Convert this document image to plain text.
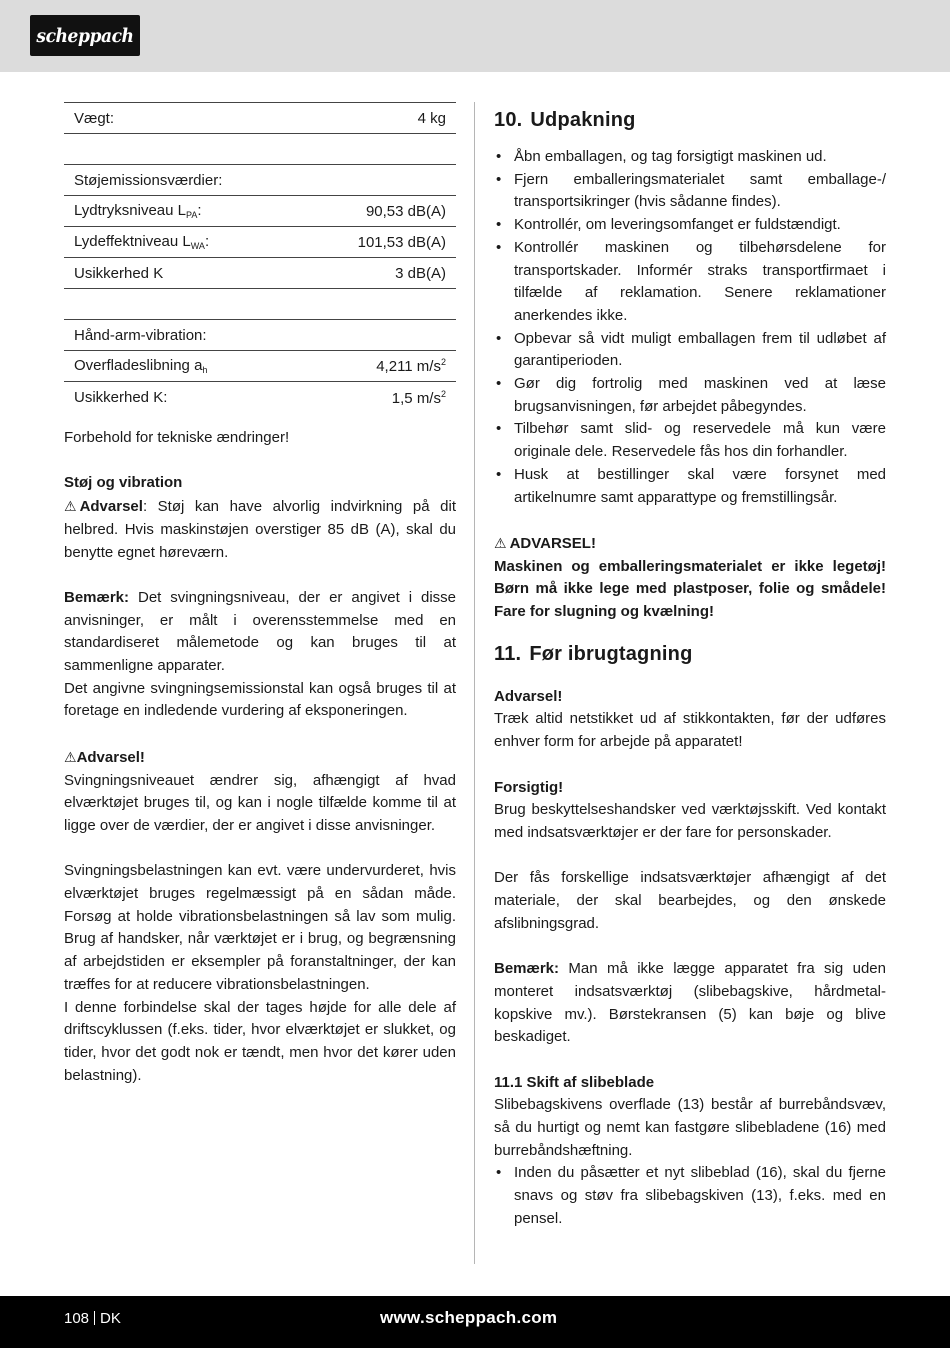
scheppach
Vægt:	4 kg
Støjemissionsværdier:
Lydtryksniveau $L_{PA}$:	90,53 dB(A)
Lydeffektniveau $L_{WA}$:	101,53 dB(A)
Usikkerhed K	3 dB(A)
Hånd-arm-vibration:
Overfladeslibning $a_h$	4,211 $m/s^2$
Usikkerhed K:	1,5 $m/s^2$

Forbehold for tekniske ændringer!

Støj og vibration

⚠ Advarsel: Støj kan have alvorlig indvirkning på dit helbred. Hvis maskinstøjen overstiger 85 dB (A), skal du benytte egnet høreværn.

Bemærk: Det svingningsniveau, der er angivet i disse anvisninger, er målt i overensstemmelse med en standardiseret målemetode og kan bruges til at sammenligne apparater.

Det angivne svingningsemissionstal kan også bruges til at foretage en indledende vurdering af eksponeringen.

⚠Advarsel!

Svingningsniveauet ændrer sig, afhængigt af hvad elværktøjet bruges til, og kan i nogle tilfælde komme til at ligge over de værdier, der er angivet i disse anvisninger.

Svingningsbelastningen kan evt. være undervurderet, hvis elværktøjet bruges regelmæssigt på en sådan måde. Forsøg at holde vibrationsbelastningen så lav som mulig. Brug af handsker, når værktøjet er i brug, og begrænsning af arbejdstiden er eksempler på foranstaltninger, der kan træffes for at reducere vibrationsbelastningen.

I denne forbindelse skal der tages højde for alle dele af driftscyklussen (f.eks. tider, hvor elværktøjet er slukket, og tider, hvor det godt nok er tændt, men hvor det kører uden belastning).

10. Udpakning
• Åbn emballagen, og tag forsigtigt maskinen ud.
• Fjern emballeringsmaterialet samt emballage-/ transportsikringer (hvis sådanne findes).
• Kontrollér, om leveringsomfanget er fuldstændigt.
• Kontrollér maskinen og tilbehørsdelene for transportskader. Informér straks transportfirmaet i tilfælde af reklamation. Senere reklamationer anerkendes ikke.
• Opbevar så vidt muligt emballagen frem til udløbet af garantiperioden.
• Gør dig fortrolig med maskinen ved at læse brugsanvisningen, før arbejdet påbegyndes.
• Tilbehør samt slid- og reservedele må kun være originale dele. Reservedele fås hos din forhandler.
• Husk at bestillinger skal være forsynet med artikelnumre samt apparattype og fremstillingsår.

⚠ ADVARSEL!

Maskinen og emballeringsmaterialet er ikke legetøj! Børn må ikke lege med plastposer, folie og smådele! Fare for slugning og kvælning!

11. Før ibrugtagning

Advarsel!

Træk altid netstikket ud af stikkontakten, før der udføres enhver form for arbejde på apparatet!

Forsigtig!

Brug beskyttelseshandsker ved værktøjsskift. Ved kontakt med indsatsværktøjer er der fare for personskader.

Der fås forskellige indsatsværktøjer afhængigt af det materiale, der skal bearbejdes, og den ønskede afslibningsgrad.

Bemærk: Man må ikke lægge apparatet fra sig uden monteret indsatsværktøj (slibebagskive, hårdmetal-kopskive mv.). Børstekransen (5) kan bøje og blive beskadiget.

11.1 Skift af slibeblade

Slibebagskivens overflade (13) består af burrebåndsvæv, så du hurtigt og nemt kan fastgøre slibebladene (16) med burrebåndshæftning.

• Inden du påsætter et nyt slibeblad (16), skal du fjerne snavs og støv fra slibebagskiven (13), f.eks. med en pensel.
108 DK	www.scheppach.com
